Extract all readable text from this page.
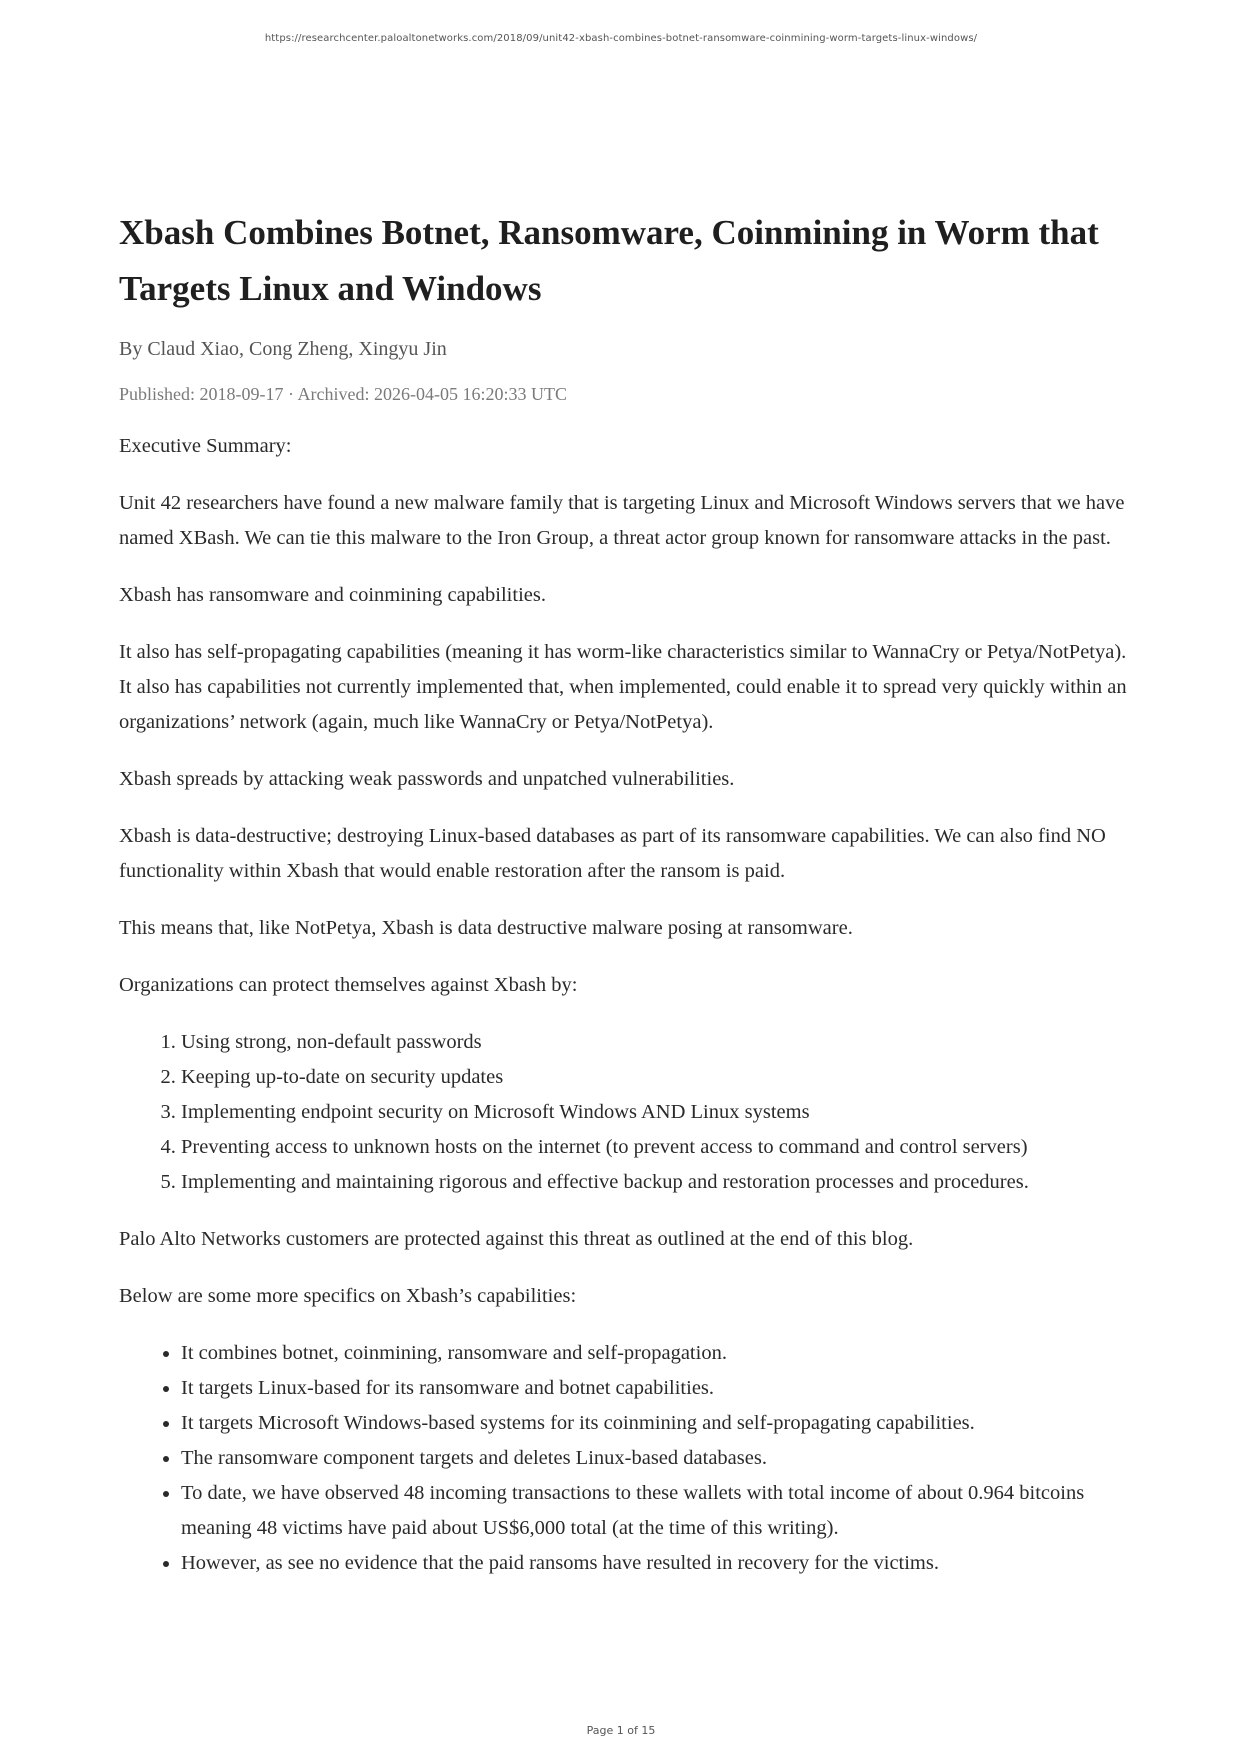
https://researchcenter.paloaltonetworks.com/2018/09/unit42-xbash-combines-botnet-ransomware-coinmining-worm-targets-linux-windows/
Xbash Combines Botnet, Ransomware, Coinmining in Worm that Targets Linux and Windows
By Claud Xiao, Cong Zheng, Xingyu Jin
Published: 2018-09-17 · Archived: 2026-04-05 16:20:33 UTC

Executive Summary:

Unit 42 researchers have found a new malware family that is targeting Linux and Microsoft Windows servers that we have named XBash. We can tie this malware to the Iron Group, a threat actor group known for ransomware attacks in the past.

Xbash has ransomware and coinmining capabilities.

It also has self-propagating capabilities (meaning it has worm-like characteristics similar to WannaCry or Petya/NotPetya). It also has capabilities not currently implemented that, when implemented, could enable it to spread very quickly within an organizations’ network (again, much like WannaCry or Petya/NotPetya).

Xbash spreads by attacking weak passwords and unpatched vulnerabilities.

Xbash is data-destructive; destroying Linux-based databases as part of its ransomware capabilities. We can also find NO functionality within Xbash that would enable restoration after the ransom is paid.

This means that, like NotPetya, Xbash is data destructive malware posing at ransomware.

Organizations can protect themselves against Xbash by:

1. Using strong, non-default passwords
2. Keeping up-to-date on security updates
3. Implementing endpoint security on Microsoft Windows AND Linux systems
4. Preventing access to unknown hosts on the internet (to prevent access to command and control servers)
5. Implementing and maintaining rigorous and effective backup and restoration processes and procedures.

Palo Alto Networks customers are protected against this threat as outlined at the end of this blog.

Below are some more specifics on Xbash’s capabilities:

• It combines botnet, coinmining, ransomware and self-propagation.
• It targets Linux-based for its ransomware and botnet capabilities.
• It targets Microsoft Windows-based systems for its coinmining and self-propagating capabilities.
• The ransomware component targets and deletes Linux-based databases.
• To date, we have observed 48 incoming transactions to these wallets with total income of about 0.964 bitcoins meaning 48 victims have paid about US$6,000 total (at the time of this writing).
• However, as see no evidence that the paid ransoms have resulted in recovery for the victims.
Page 1 of 15
